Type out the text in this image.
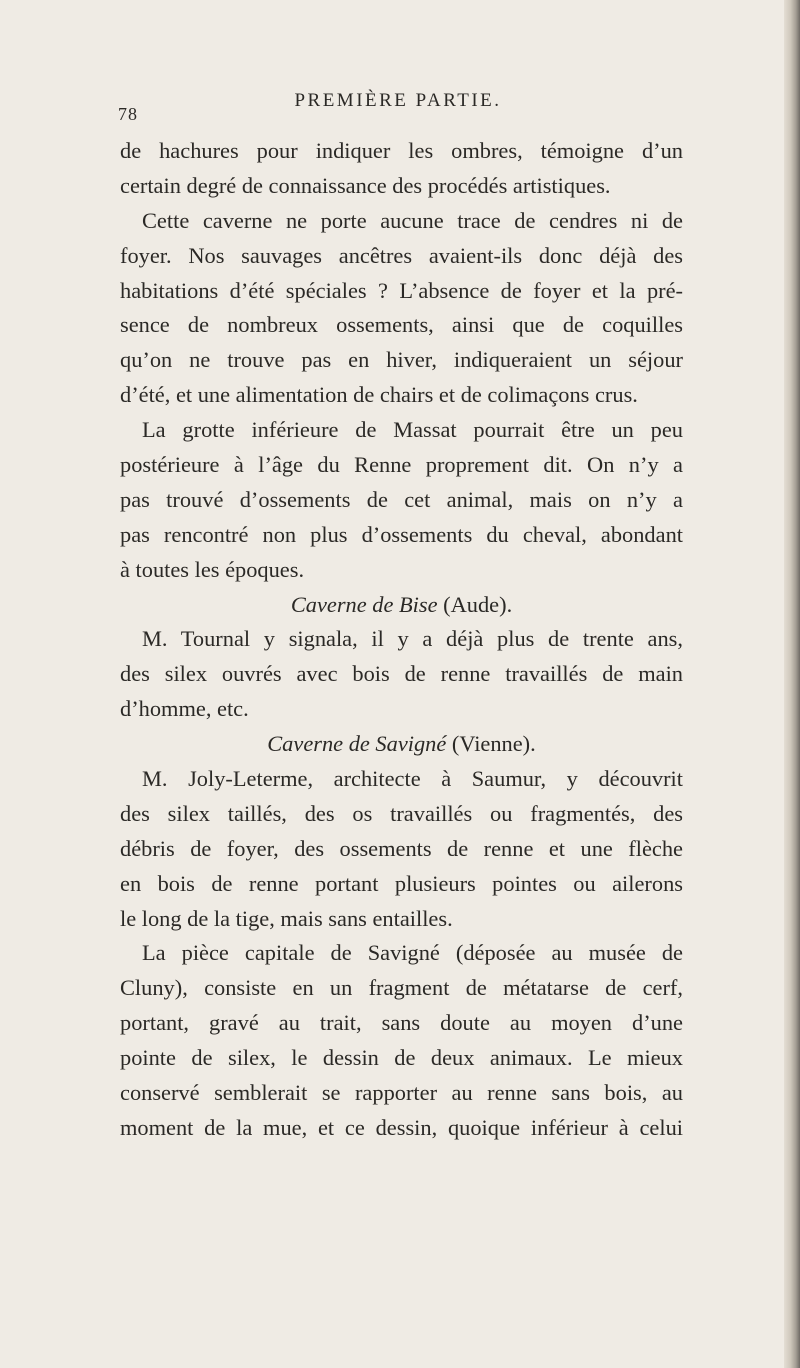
78
PREMIÈRE PARTIE.
de hachures pour indiquer les ombres, témoigne d’un
certain degré de connaissance des procédés artistiques.
Cette caverne ne porte aucune trace de cendres ni de
foyer. Nos sauvages ancêtres avaient-ils donc déjà des
habitations d’été spéciales ? L’absence de foyer et la pré-
sence de nombreux ossements, ainsi que de coquilles
qu’on ne trouve pas en hiver, indiqueraient un séjour
d’été, et une alimentation de chairs et de colimaçons crus.
La grotte inférieure de Massat pourrait être un peu
postérieure à l’âge du Renne proprement dit. On n’y a
pas trouvé d’ossements de cet animal, mais on n’y a
pas rencontré non plus d’ossements du cheval, abondant
à toutes les époques.
Caverne de Bise (Aude).
M. Tournal y signala, il y a déjà plus de trente ans,
des silex ouvrés avec bois de renne travaillés de main
d’homme, etc.
Caverne de Savigné (Vienne).
M. Joly-Leterme, architecte à Saumur, y découvrit
des silex taillés, des os travaillés ou fragmentés, des
débris de foyer, des ossements de renne et une flèche
en bois de renne portant plusieurs pointes ou ailerons
le long de la tige, mais sans entailles.
La pièce capitale de Savigné (déposée au musée de
Cluny), consiste en un fragment de métatarse de cerf,
portant, gravé au trait, sans doute au moyen d’une
pointe de silex, le dessin de deux animaux. Le mieux
conservé semblerait se rapporter au renne sans bois, au
moment de la mue, et ce dessin, quoique inférieur à celui
